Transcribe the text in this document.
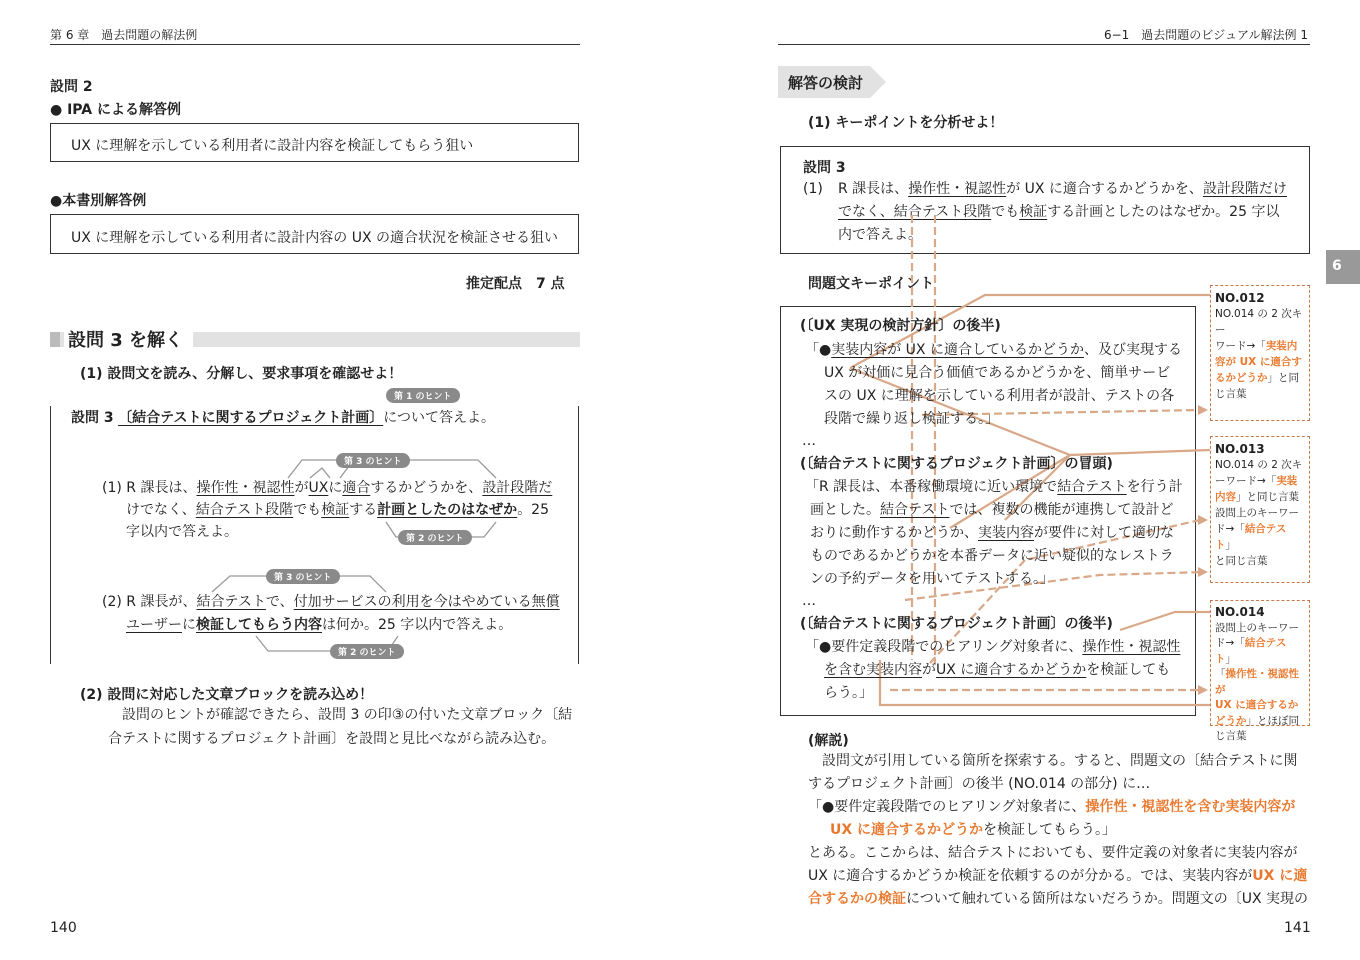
第 6 章　過去問題の解法例	6−1　過去問題のビジュアル解法例 1
設問 2
● IPA による解答例
UX に理解を示している利用者に設計内容を検証してもらう狙い
●本書別解答例
UX に理解を示している利用者に設計内容の UX の適合状況を検証させる狙い
推定配点　7 点
設問 3 を解く
(1) 設問文を読み、分解し、要求事項を確認せよ！
設問 3 〔結合テストに関するプロジェクト計画〕について答えよ。
第 1 のヒント
第 3 のヒント
第 2 のヒント
第 3 のヒント
第 2 のヒント
(1) R 課長は、操作性・視認性がUXに適合するかどうかを、設計段階だ
けでなく、結合テスト段階でも検証する計画としたのはなぜか。25
字以内で答えよ。
(2) R 課長が、結合テストで、付加サービスの利用を今はやめている無償
ユーザーに検証してもらう内容は何か。25 字以内で答えよ。
(2) 設問に対応した文章ブロックを読み込め！
設問のヒントが確認できたら、設問 3 の印③の付いた文章ブロック〔結
合テストに関するプロジェクト計画〕を設問と見比べながら読み込む。
140
解答の検討
(1) キーポイントを分析せよ！
設問 3
(1) R 課長は、操作性・視認性が UX に適合するかどうかを、設計段階だけ
でなく、結合テスト段階でも検証する計画としたのはなぜか。25 字以
内で答えよ。
問題文キーポイント
(〔UX 実現の検討方針〕の後半)
「●実装内容が UX に適合しているかどうか、及び実現する
UX が対価に見合う価値であるかどうかを、簡単サービ
スの UX に理解を示している利用者が設計、テストの各
段階で繰り返し検証する。」
…
(〔結合テストに関するプロジェクト計画〕の冒頭)
「R 課長は、本番稼働環境に近い環境で結合テストを行う計
画とした。結合テストでは、複数の機能が連携して設計ど
おりに動作するかどうか、実装内容が要件に対して適切な
ものであるかどうかを本番データに近い疑似的なレストラ
ンの予約データを用いてテストする。」
…
(〔結合テストに関するプロジェクト計画〕の後半)
「●要件定義段階でのヒアリング対象者に、操作性・視認性
を含む実装内容がUX に適合するかどうかを検証しても
らう。」
NO.012
NO.014 の 2 次キー
ワード→「実装内
容が UX に適合す
るかどうか」と同
じ言葉
NO.013
NO.014 の 2 次キ
ーワード→「実装
内容」と同じ言葉
設問上のキーワー
ド→「結合テスト」
と同じ言葉
NO.014
設問上のキーワー
ド→「結合テスト」
「操作性・視認性が
UX に適合するか
どうか」とほぼ同
じ言葉
(解説)
設問文が引用している箇所を探索する。すると、問題文の〔結合テストに関
するプロジェクト計画〕の後半 (NO.014 の部分) に…
「●要件定義段階でのヒアリング対象者に、操作性・視認性を含む実装内容が
UX に適合するかどうかを検証してもらう。」
とある。ここからは、結合テストにおいても、要件定義の対象者に実装内容が
UX に適合するかどうか検証を依頼するのが分かる。では、実装内容がUX に適
合するかの検証について触れている箇所はないだろうか。問題文の〔UX 実現の
6
141
